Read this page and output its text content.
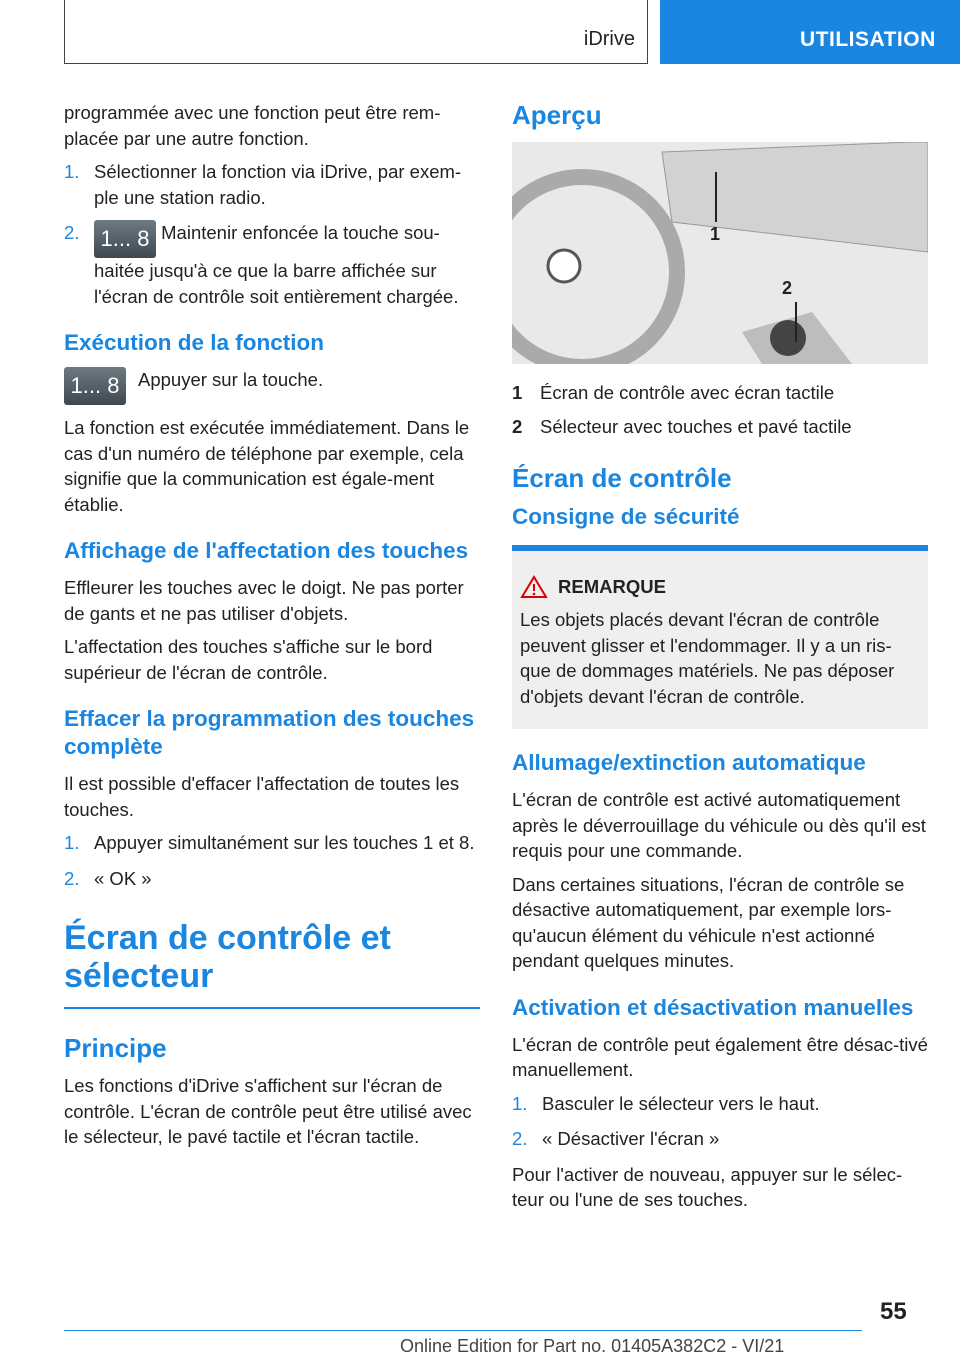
iDrive	UTILISATION

programmée avec une fonction peut être rem-placée par une autre fonction.

1. Sélectionner la fonction via iDrive, par exem-ple une station radio.
2. 1... 8 Maintenir enfoncée la touche sou-haitée jusqu'à ce que la barre affichée sur l'écran de contrôle soit entièrement chargée.
Exécution de la fonction
1... 8	Appuyer sur la touche.

La fonction est exécutée immédiatement. Dans le cas d'un numéro de téléphone par exemple, cela signifie que la communication est égale-ment établie.

Affichage de l'affectation des touches

Effleurer les touches avec le doigt. Ne pas porter de gants et ne pas utiliser d'objets.

L'affectation des touches s'affiche sur le bord supérieur de l'écran de contrôle.

Effacer la programmation des touches complète

Il est possible d'effacer l'affectation de toutes les touches.

1. Appuyer simultanément sur les touches 1 et 8.
2. « OK »
Écran de contrôle et sélecteur
Principe

Les fonctions d'iDrive s'affichent sur l'écran de contrôle. L'écran de contrôle peut être utilisé avec le sélecteur, le pavé tactile et l'écran tactile.

Aperçu
1
2
1 Écran de contrôle avec écran tactile
2 Sélecteur avec touches et pavé tactile
Écran de contrôle
Consigne de sécurité
REMARQUE

Les objets placés devant l'écran de contrôle peuvent glisser et l'endommager. Il y a un ris-que de dommages matériels. Ne pas déposer d'objets devant l'écran de contrôle.

Allumage/extinction automatique

L'écran de contrôle est activé automatiquement après le déverrouillage du véhicule ou dès qu'il est requis pour une commande.

Dans certaines situations, l'écran de contrôle se désactive automatiquement, par exemple lors-qu'aucun élément du véhicule n'est actionné pendant quelques minutes.

Activation et désactivation manuelles

L'écran de contrôle peut également être désac-tivé manuellement.

1. Basculer le sélecteur vers le haut.
2. « Désactiver l'écran »

Pour l'activer de nouveau, appuyer sur le sélec-teur ou l'une de ses touches.

55
Online Edition for Part no. 01405A382C2 - VI/21
